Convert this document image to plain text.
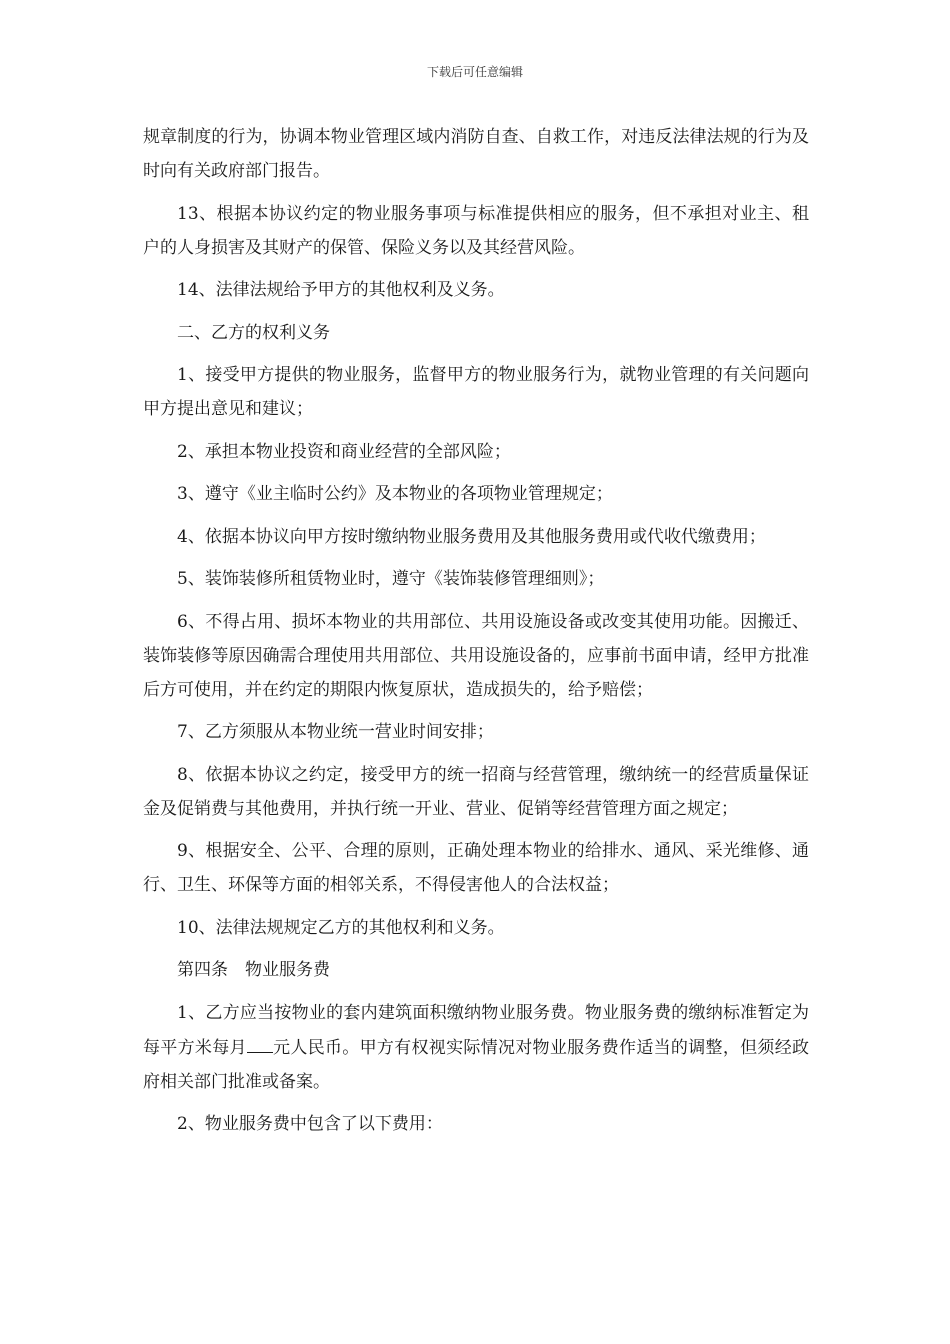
下载后可任意编辑

规章制度的行为，协调本物业管理区域内消防自查、自救工作，对违反法律法规的行为及时向有关政府部门报告。

13、根据本协议约定的物业服务事项与标准提供相应的服务，但不承担对业主、租户的人身损害及其财产的保管、保险义务以及其经营风险。

14、法律法规给予甲方的其他权利及义务。

二、乙方的权利义务

1、接受甲方提供的物业服务，监督甲方的物业服务行为，就物业管理的有关问题向甲方提出意见和建议；

2、承担本物业投资和商业经营的全部风险；

3、遵守《业主临时公约》及本物业的各项物业管理规定；

4、依据本协议向甲方按时缴纳物业服务费用及其他服务费用或代收代缴费用；

5、装饰装修所租赁物业时，遵守《装饰装修管理细则》；

6、不得占用、损坏本物业的共用部位、共用设施设备或改变其使用功能。因搬迁、装饰装修等原因确需合理使用共用部位、共用设施设备的，应事前书面申请，经甲方批准后方可使用，并在约定的期限内恢复原状，造成损失的，给予赔偿；

7、乙方须服从本物业统一营业时间安排；

8、依据本协议之约定，接受甲方的统一招商与经营管理，缴纳统一的经营质量保证金及促销费与其他费用，并执行统一开业、营业、促销等经营管理方面之规定；

9、根据安全、公平、合理的原则，正确处理本物业的给排水、通风、采光维修、通行、卫生、环保等方面的相邻关系，不得侵害他人的合法权益；

10、法律法规规定乙方的其他权利和义务。

第四条　物业服务费

1、乙方应当按物业的套内建筑面积缴纳物业服务费。物业服务费的缴纳标准暂定为每平方米每月 元人民币。甲方有权视实际情况对物业服务费作适当的调整，但须经政府相关部门批准或备案。

2、物业服务费中包含了以下费用：
